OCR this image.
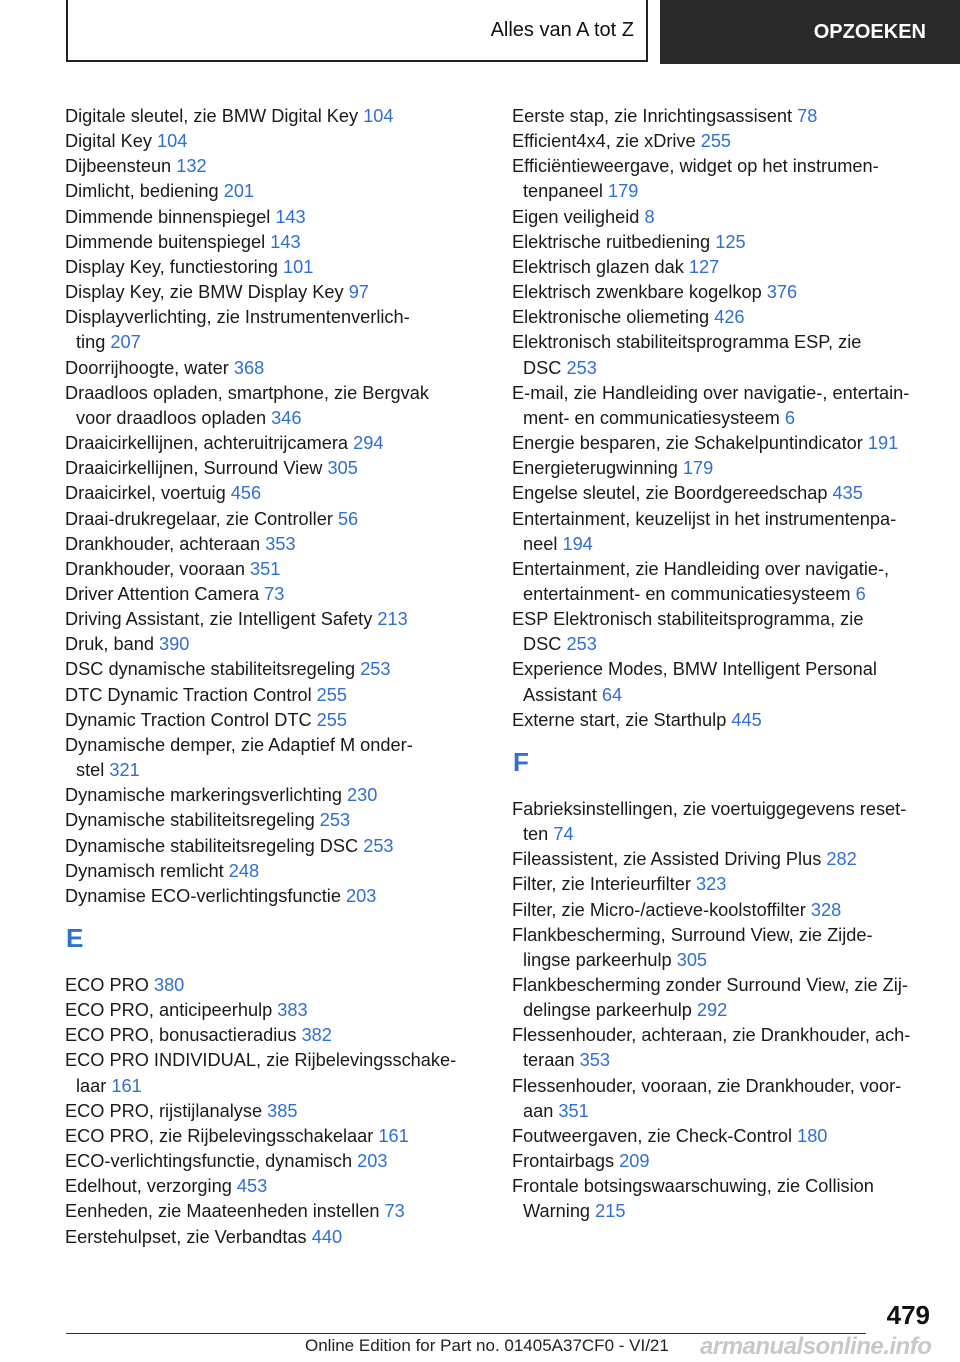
Alles van A tot Z	OPZOEKEN
Digitale sleutel, zie BMW Digital Key 104
Digital Key 104
Dijbeensteun 132
Dimlicht, bediening 201
Dimmende binnenspiegel 143
Dimmende buitenspiegel 143
Display Key, functiestoring 101
Display Key, zie BMW Display Key 97
Displayverlichting, zie Instrumentenverlich-
ting 207
Doorrijhoogte, water 368
Draadloos opladen, smartphone, zie Bergvak
voor draadloos opladen 346
Draaicirkellijnen, achteruitrijcamera 294
Draaicirkellijnen, Surround View 305
Draaicirkel, voertuig 456
Draai-drukregelaar, zie Controller 56
Drankhouder, achteraan 353
Drankhouder, vooraan 351
Driver Attention Camera 73
Driving Assistant, zie Intelligent Safety 213
Druk, band 390
DSC dynamische stabiliteitsregeling 253
DTC Dynamic Traction Control 255
Dynamic Traction Control DTC 255
Dynamische demper, zie Adaptief M onder-
stel 321
Dynamische markeringsverlichting 230
Dynamische stabiliteitsregeling 253
Dynamische stabiliteitsregeling DSC 253
Dynamisch remlicht 248
Dynamise ECO-verlichtingsfunctie 203
E
ECO PRO 380
ECO PRO, anticipeerhulp 383
ECO PRO, bonusactieradius 382
ECO PRO INDIVIDUAL, zie Rijbelevingsschake-
laar 161
ECO PRO, rijstijlanalyse 385
ECO PRO, zie Rijbelevingsschakelaar 161
ECO-verlichtingsfunctie, dynamisch 203
Edelhout, verzorging 453
Eenheden, zie Maateenheden instellen 73
Eerstehulpset, zie Verbandtas 440
Eerste stap, zie Inrichtingsassisent 78
Efficient4x4, zie xDrive 255
Efficiëntieweergave, widget op het instrumen-
tenpaneel 179
Eigen veiligheid 8
Elektrische ruitbediening 125
Elektrisch glazen dak 127
Elektrisch zwenkbare kogelkop 376
Elektronische oliemeting 426
Elektronisch stabiliteitsprogramma ESP, zie
DSC 253
E-mail, zie Handleiding over navigatie-, entertain-
ment- en communicatiesysteem 6
Energie besparen, zie Schakelpuntindicator 191
Energieterugwinning 179
Engelse sleutel, zie Boordgereedschap 435
Entertainment, keuzelijst in het instrumentenpa-
neel 194
Entertainment, zie Handleiding over navigatie-,
entertainment- en communicatiesysteem 6
ESP Elektronisch stabiliteitsprogramma, zie
DSC 253
Experience Modes, BMW Intelligent Personal
Assistant 64
Externe start, zie Starthulp 445
F
Fabrieksinstellingen, zie voertuiggegevens reset-
ten 74
Fileassistent, zie Assisted Driving Plus 282
Filter, zie Interieurfilter 323
Filter, zie Micro-/actieve-koolstoffilter 328
Flankbescherming, Surround View, zie Zijde-
lingse parkeerhulp 305
Flankbescherming zonder Surround View, zie Zij-
delingse parkeerhulp 292
Flessenhouder, achteraan, zie Drankhouder, ach-
teraan 353
Flessenhouder, vooraan, zie Drankhouder, voor-
aan 351
Foutweergaven, zie Check-Control 180
Frontairbags 209
Frontale botsingswaarschuwing, zie Collision
Warning 215
479
Online Edition for Part no. 01405A37CF0 - VI/21 armanualsonline.info
